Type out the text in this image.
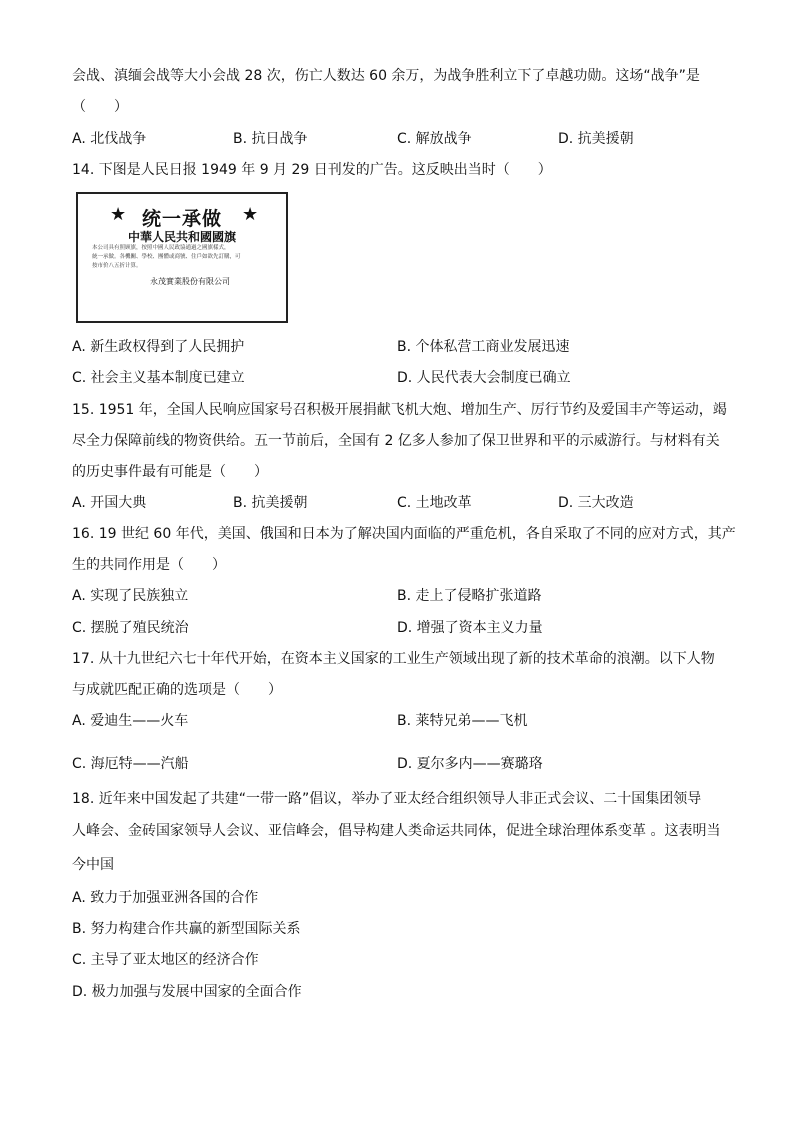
会战、滇缅会战等大小会战 28 次，伤亡人数达 60 余万，为战争胜利立下了卓越功勋。这场“战争”是
（　　）
A. 北伐战争	B. 抗日战争	C. 解放战争	D. 抗美援朝
14. 下图是人民日报 1949 年 9 月 29 日刊发的广告。这反映出当时（　　）
★ 统一承做	★
中華人民共和國國旗
本公司具有照顾旗，按照中國人民政協通過之國旗樣式，
統一承做。各機關、學校、團體或商號、住戶如欲先訂購，可
按市价八五折计算。
永茂實業股份有限公司
A. 新生政权得到了人民拥护	B. 个体私营工商业发展迅速
C. 社会主义基本制度已建立	D. 人民代表大会制度已确立
15. 1951 年，全国人民响应国家号召积极开展捐献飞机大炮、增加生产、厉行节约及爱国丰产等运动，竭
尽全力保障前线的物资供给。五一节前后，全国有 2 亿多人参加了保卫世界和平的示威游行。与材料有关
的历史事件最有可能是（　　）
A. 开国大典	B. 抗美援朝	C. 土地改革	D. 三大改造
16. 19 世纪 60 年代，美国、俄国和日本为了解决国内面临的严重危机，各自采取了不同的应对方式，其产
生的共同作用是（　　）
A. 实现了民族独立	B. 走上了侵略扩张道路
C. 摆脱了殖民统治	D. 增强了资本主义力量
17. 从十九世纪六七十年代开始，在资本主义国家的工业生产领域出现了新的技术革命的浪潮。以下人物
与成就匹配正确的选项是（　　）
A. 爱迪生——火车	B. 莱特兄弟——飞机
C. 海厄特——汽船	D. 夏尔多内——赛璐珞
18. 近年来中国发起了共建“一带一路”倡议，举办了亚太经合组织领导人非正式会议、二十国集团领导
人峰会、金砖国家领导人会议、亚信峰会，倡导构建人类命运共同体，促进全球治理体系变革 。这表明当
今中国
A. 致力于加强亚洲各国的合作
B. 努力构建合作共赢的新型国际关系
C. 主导了亚太地区的经济合作
D. 极力加强与发展中国家的全面合作
